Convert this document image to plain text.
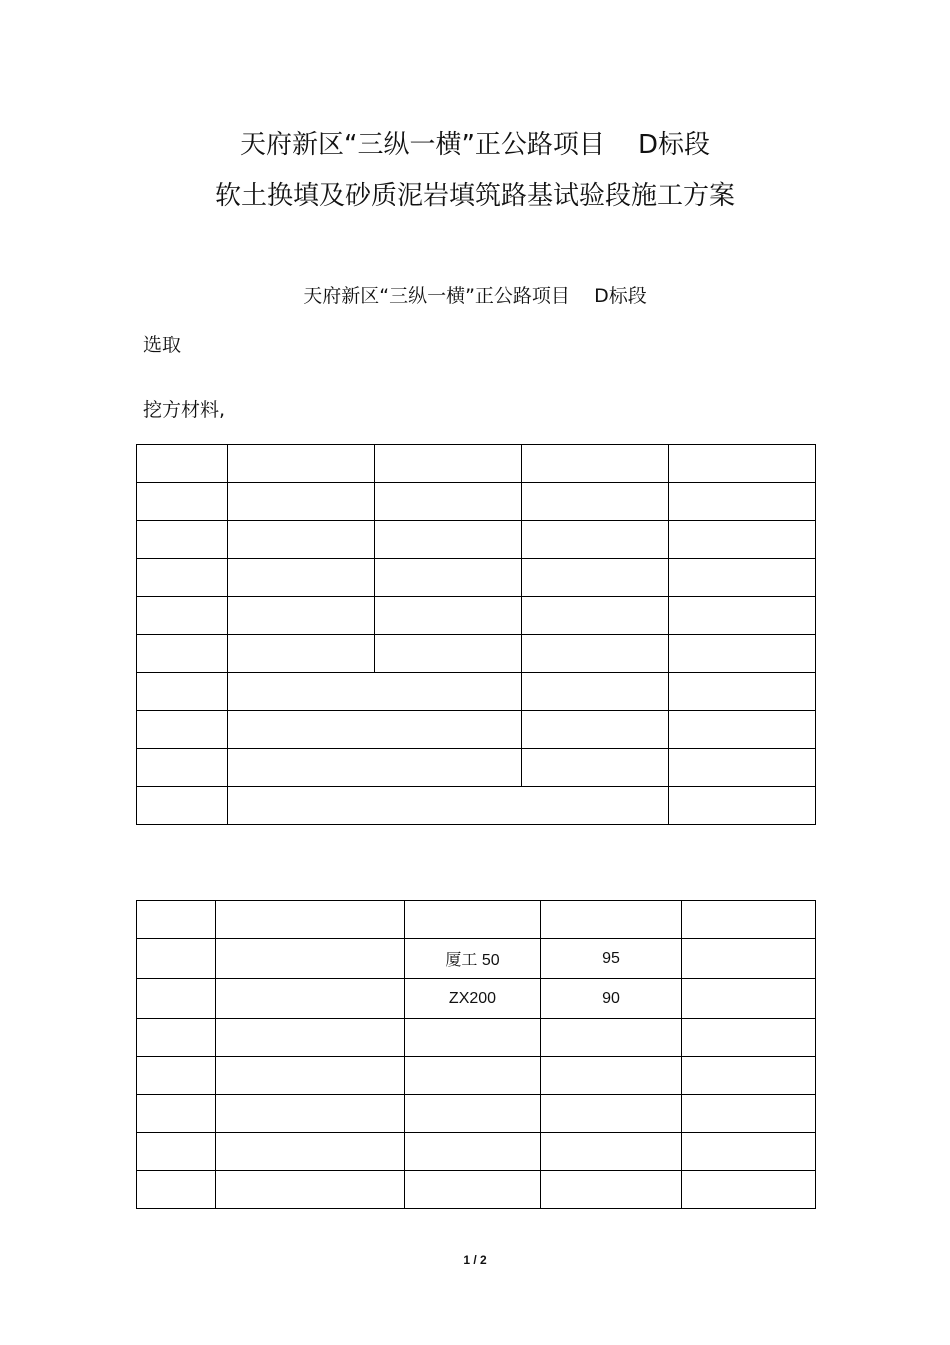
天府新区“三纵一横”正公路项目    D标段
软土换填及砂质泥岩填筑路基试验段施工方案
天府新区“三纵一横”正公路项目    D标段
选取
挖方材料,

		厦工 50	95	
		ZX200	90	

1 / 2
